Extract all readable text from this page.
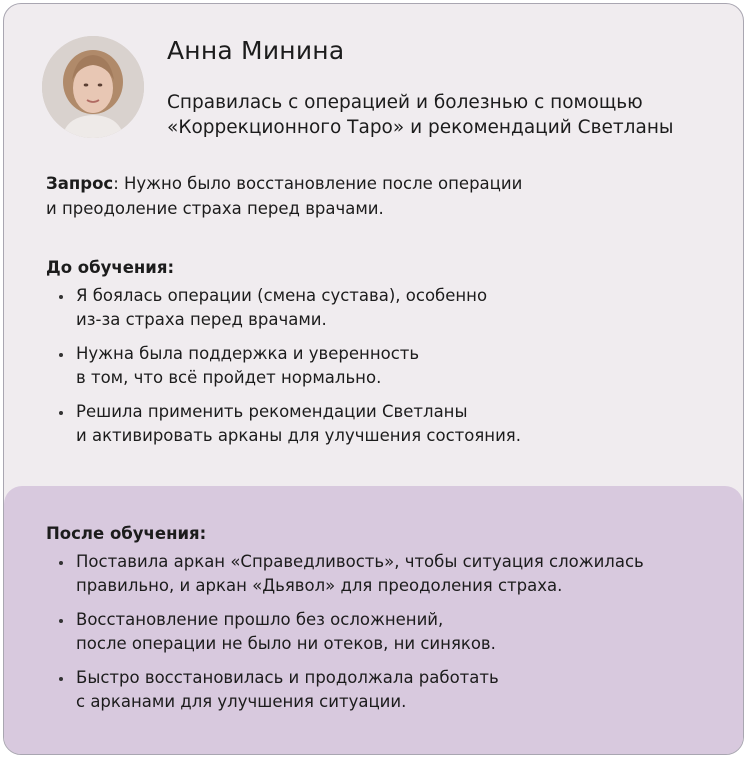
Анна Минина
Справилась с операцией и болезнью с помощью
«Коррекционного Таро» и рекомендаций Светланы
Запрос: Нужно было восстановление после операции
и преодоление страха перед врачами.
До обучения:
Я боялась операции (смена сустава), особенно
из-за страха перед врачами.
Нужна была поддержка и уверенность
в том, что всё пройдет нормально.
Решила применить рекомендации Светланы
и активировать арканы для улучшения состояния.
После обучения:
Поставила аркан «Справедливость», чтобы ситуация сложилась
правильно, и аркан «Дьявол» для преодоления страха.
Восстановление прошло без осложнений,
после операции не было ни отеков, ни синяков.
Быстро восстановилась и продолжала работать
с арканами для улучшения ситуации.
